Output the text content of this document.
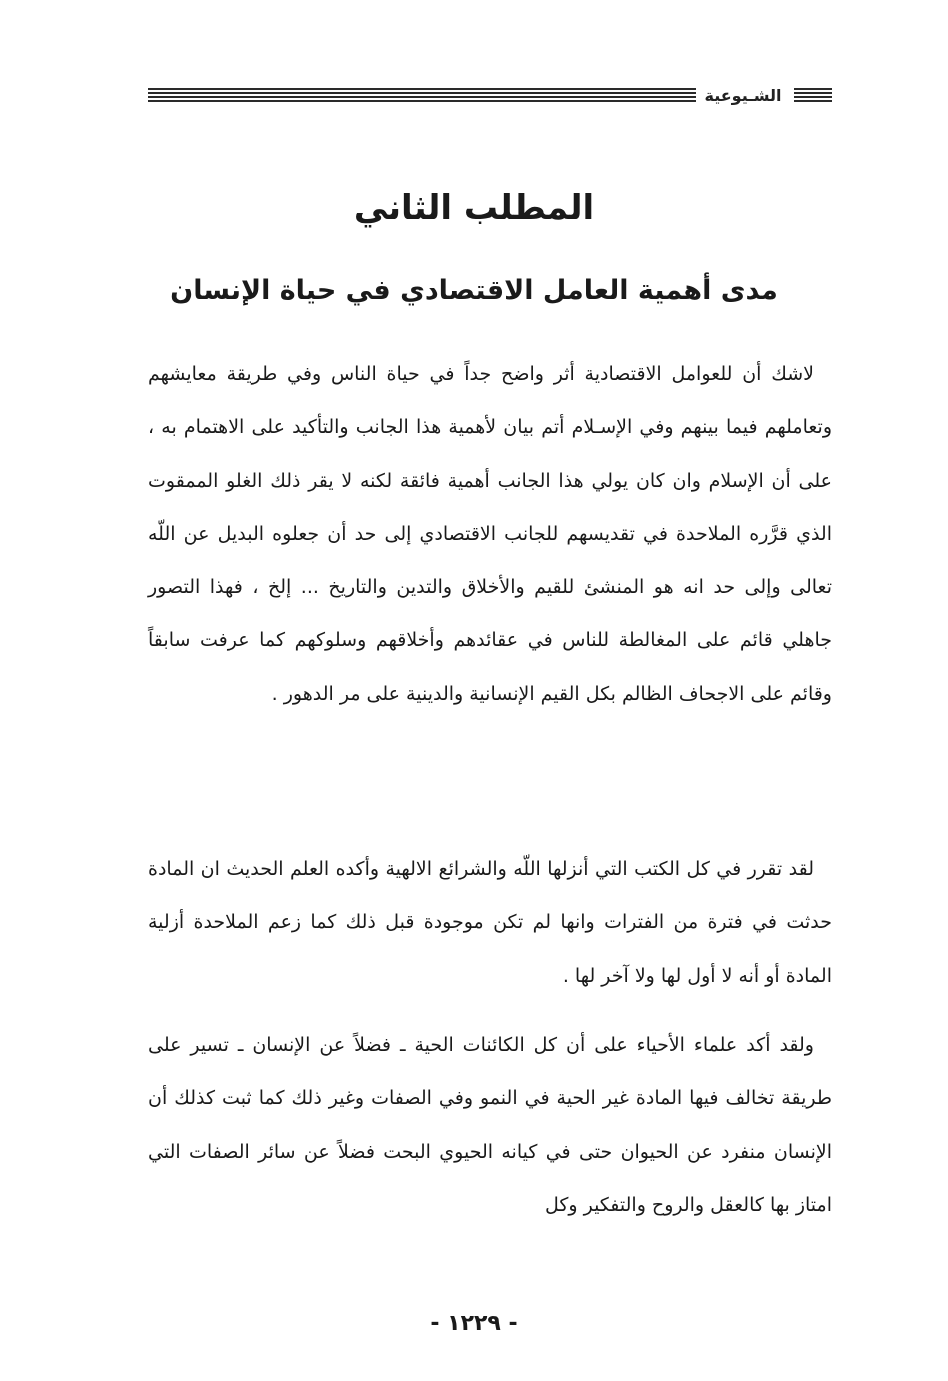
الشـيوعية
المطلب الثاني
مدى أهمية العامل الاقتصادي في حياة الإنسان

لاشك أن للعوامل الاقتصادية أثر واضح جداً في حياة الناس وفي طريقة معايشهم وتعاملهم فيما بينهم وفي الإسـلام أتم بيان لأهمية هذا الجانب والتأكيد على الاهتمام به ، على أن الإسلام وان كان يولي هذا الجانب أهمية فائقة لكنه لا يقر ذلك الغلو الممقوت الذي قرَّره الملاحدة في تقديسهم للجانب الاقتصادي إلى حد أن جعلوه البديل عن اللّه تعالى وإلى حد انه هو المنشئ للقيم والأخلاق والتدين والتاريخ ... إلخ ، فهذا التصور جاهلي قائم على المغالطة للناس في عقائدهم وأخلاقهم وسلوكهم كما عرفت سابقاً وقائم على الاجحاف الظالم بكل القيم الإنسانية والدينية على مر الدهور .

لقد تقرر في كل الكتب التي أنزلها اللّه والشرائع الالهية وأكده العلم الحديث ان المادة حدثت في فترة من الفترات وانها لم تكن موجودة قبل ذلك كما زعم الملاحدة أزلية المادة أو أنه لا أول لها ولا آخر لها .

ولقد أكد علماء الأحياء على أن كل الكائنات الحية ـ فضلاً عن الإنسان ـ تسير على طريقة تخالف فيها المادة غير الحية في النمو وفي الصفات وغير ذلك كما ثبت كذلك أن الإنسان منفرد عن الحيوان حتى في كيانه الحيوي البحت فضلاً عن سائر الصفات التي امتاز بها كالعقل والروح والتفكير وكل

- ١٢٢٩ -
